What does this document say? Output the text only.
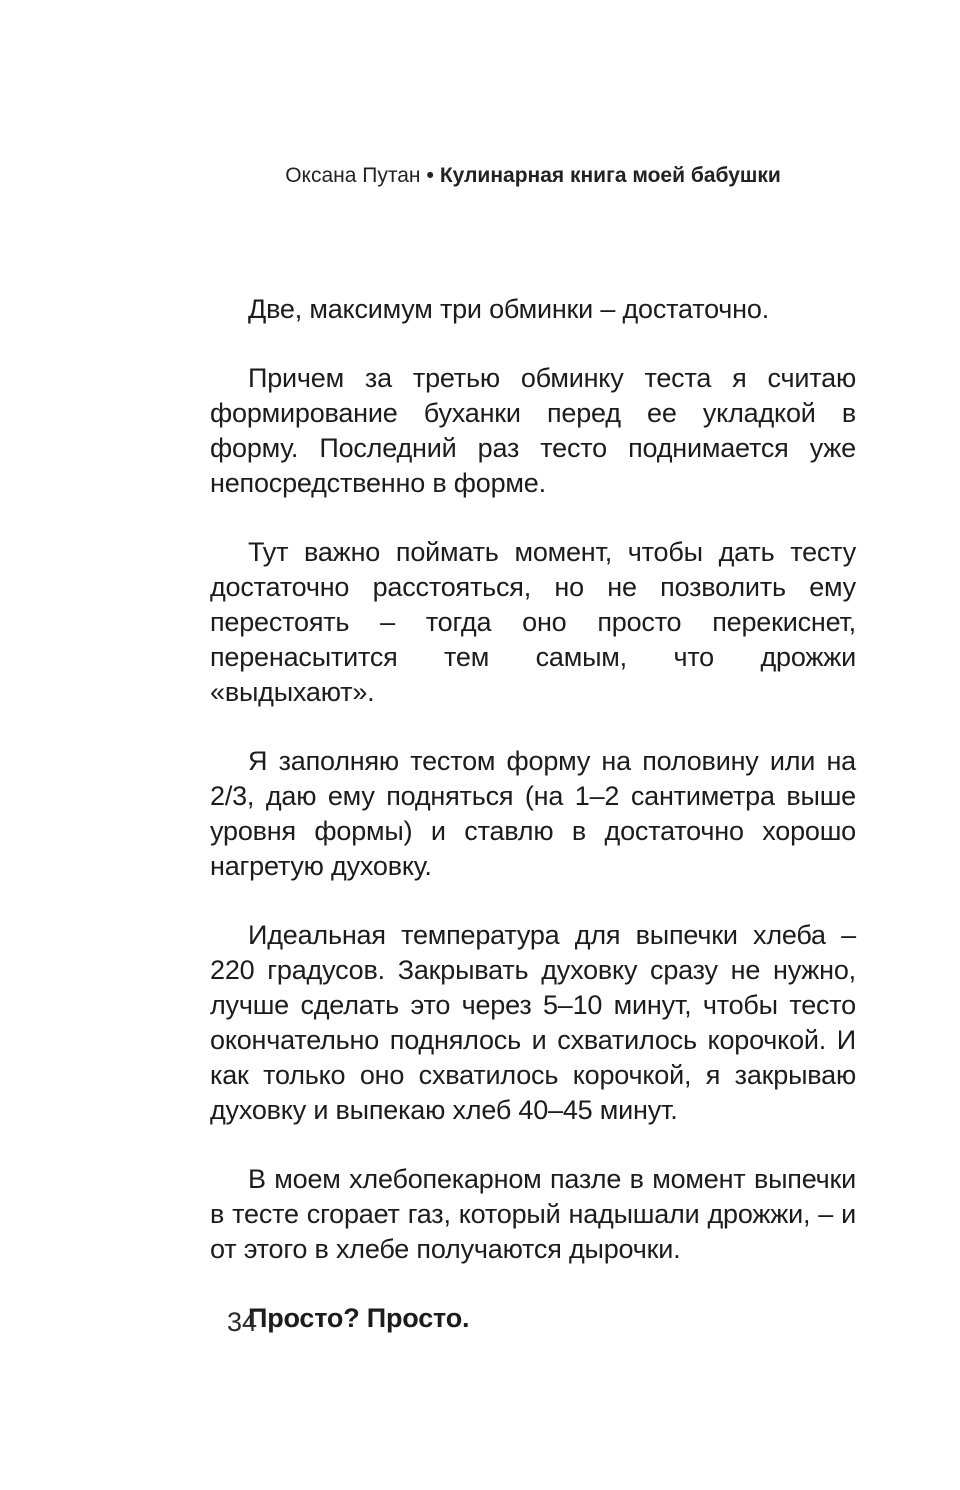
Оксана Путан • Кулинарная книга моей бабушки

Две, максимум три обминки – достаточно.

Причем за третью обминку теста я считаю формирование буханки перед ее укладкой в форму. Последний раз тесто поднимается уже непосредственно в форме.

Тут важно поймать момент, чтобы дать тесту достаточно расстояться, но не позволить ему перестоять – тогда оно просто перекиснет, перенасытится тем самым, что дрожжи «выдыхают».

Я заполняю тестом форму на половину или на 2/3, даю ему подняться (на 1–2 сантиметра выше уровня формы) и ставлю в достаточно хорошо нагретую духовку.

Идеальная температура для выпечки хлеба – 220 градусов. Закрывать духовку сразу не нужно, лучше сделать это через 5–10 минут, чтобы тесто окончательно поднялось и схватилось корочкой. И как только оно схватилось корочкой, я закрываю духовку и выпекаю хлеб 40–45 минут.

В моем хлебопекарном пазле в момент выпечки в тесте сгорает газ, который надышали дрожжи, – и от этого в хлебе получаются дырочки.

Просто? Просто.

34
